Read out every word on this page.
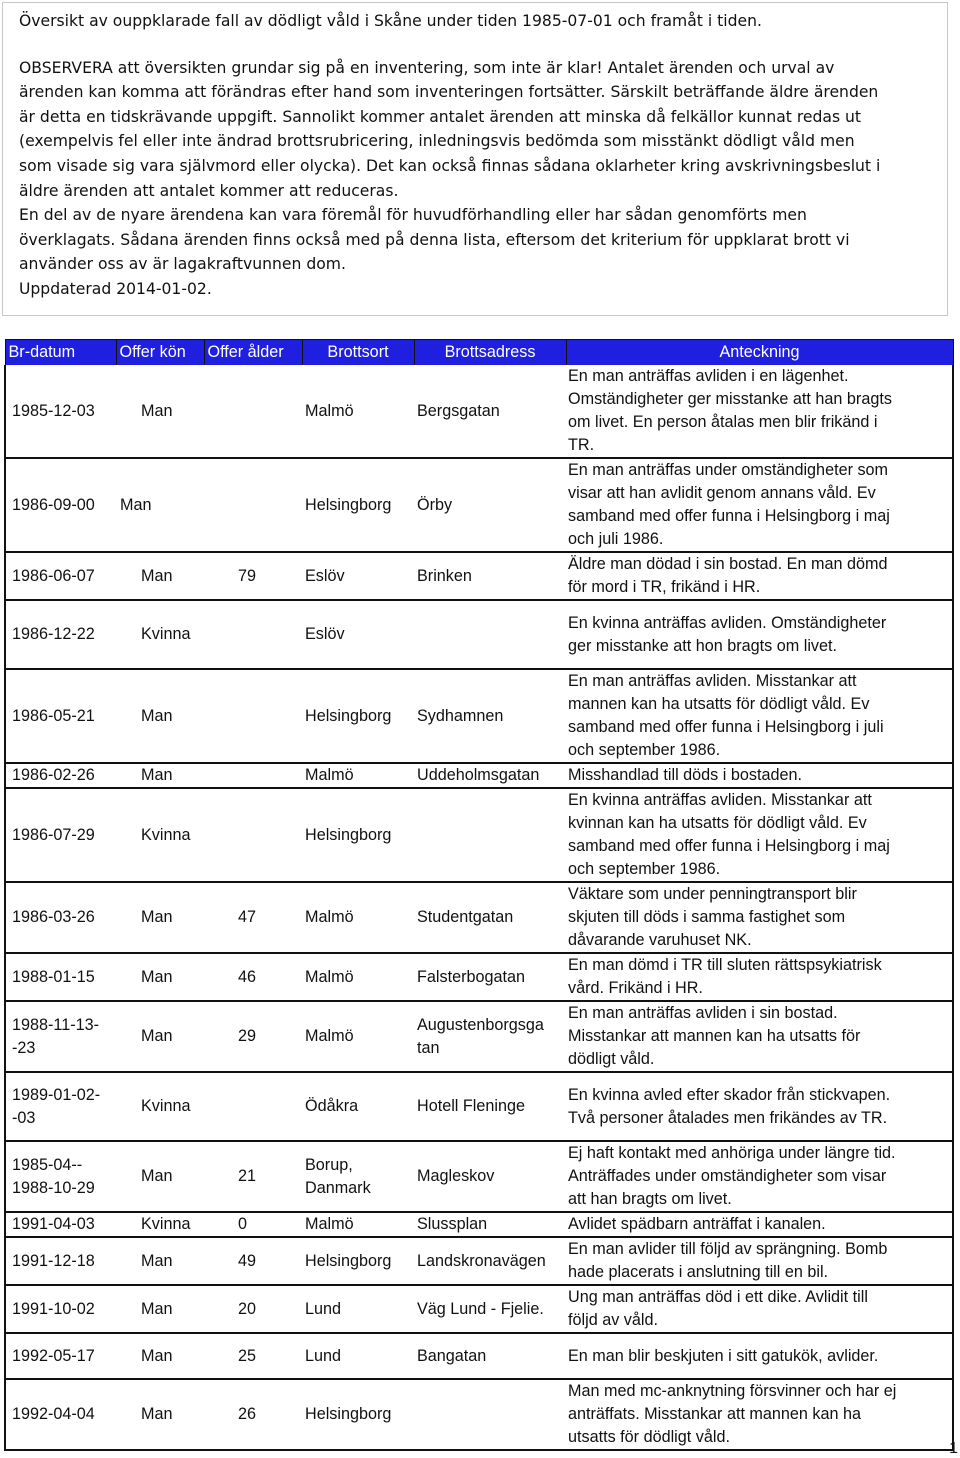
Översikt av ouppklarade fall av dödligt våld i Skåne under tiden 1985-07-01 och framåt i tiden.

OBSERVERA att översikten grundar sig på en inventering, som inte är klar! Antalet ärenden och urval av
ärenden kan komma att förändras efter hand som inventeringen fortsätter. Särskilt beträffande äldre ärenden
är detta en tidskrävande uppgift. Sannolikt kommer antalet ärenden att minska då felkällor kunnat redas ut
(exempelvis fel eller inte ändrad brottsrubricering, inledningsvis bedömda som misstänkt dödligt våld men
som visade sig vara självmord eller olycka). Det kan också finnas sådana oklarheter kring avskrivningsbeslut i
äldre ärenden att antalet kommer att reduceras.
En del av de nyare ärendena kan vara föremål för huvudförhandling eller har sådan genomförts men
överklagats. Sådana ärenden finns också med på denna lista, eftersom det kriterium för uppklarat brott vi
använder oss av är lagakraftvunnen dom.
Uppdaterad 2014-01-02.

Br-datum	Offer kön	Offer ålder	Brottsort	Brottsadress	Anteckning
1985-12-03	Man		Malmö	Bergsgatan	En man anträffas avliden i en lägenhet.
Omständigheter ger misstanke att han bragts
om livet. En person åtalas men blir frikänd i
TR.
1986-09-00	Man		Helsingborg	Örby	En man anträffas under omständigheter som
visar att han avlidit genom annans våld. Ev
samband med offer funna i Helsingborg i maj
och juli 1986.
1986-06-07	Man	79	Eslöv	Brinken	Äldre man dödad i sin bostad. En man dömd
för mord i TR, frikänd i HR.
1986-12-22	Kvinna		Eslöv		En kvinna anträffas avliden. Omständigheter
ger misstanke att hon bragts om livet.
1986-05-21	Man		Helsingborg	Sydhamnen	En man anträffas avliden. Misstankar att
mannen kan ha utsatts för dödligt våld. Ev
samband med offer funna i Helsingborg i juli
och september 1986.
1986-02-26	Man		Malmö	Uddeholmsgatan	Misshandlad till döds i bostaden.
1986-07-29	Kvinna		Helsingborg		En kvinna anträffas avliden. Misstankar att
kvinnan kan ha utsatts för dödligt våld. Ev
samband med offer funna i Helsingborg i maj
och september 1986.
1986-03-26	Man	47	Malmö	Studentgatan	Väktare som under penningtransport blir
skjuten till döds i samma fastighet som
dåvarande varuhuset NK.
1988-01-15	Man	46	Malmö	Falsterbogatan	En man dömd i TR till sluten rättspsykiatrisk
vård. Frikänd i HR.
1988-11-13-
-23	Man	29	Malmö	Augustenborgsga
tan	En man anträffas avliden i sin bostad.
Misstankar att mannen kan ha utsatts för
dödligt våld.
1989-01-02-
-03	Kvinna		Ödåkra	Hotell Fleninge	En kvinna avled efter skador från stickvapen.
Två personer åtalades men frikändes av TR.
1985-04--
1988-10-29	Man	21	Borup,
Danmark	Magleskov	Ej haft kontakt med anhöriga under längre tid.
Anträffades under omständigheter som visar
att han bragts om livet.
1991-04-03	Kvinna	0	Malmö	Slussplan	Avlidet spädbarn anträffat i kanalen.
1991-12-18	Man	49	Helsingborg	Landskronavägen	En man avlider till följd av sprängning. Bomb
hade placerats i anslutning till en bil.
1991-10-02	Man	20	Lund	Väg Lund - Fjelie.	Ung man anträffas död i ett dike. Avlidit till
följd av våld.
1992-05-17	Man	25	Lund	Bangatan	En man blir beskjuten i sitt gatukök, avlider.
1992-04-04	Man	26	Helsingborg		Man med mc-anknytning försvinner och har ej
anträffats. Misstankar att mannen kan ha
utsatts för dödligt våld.
1
